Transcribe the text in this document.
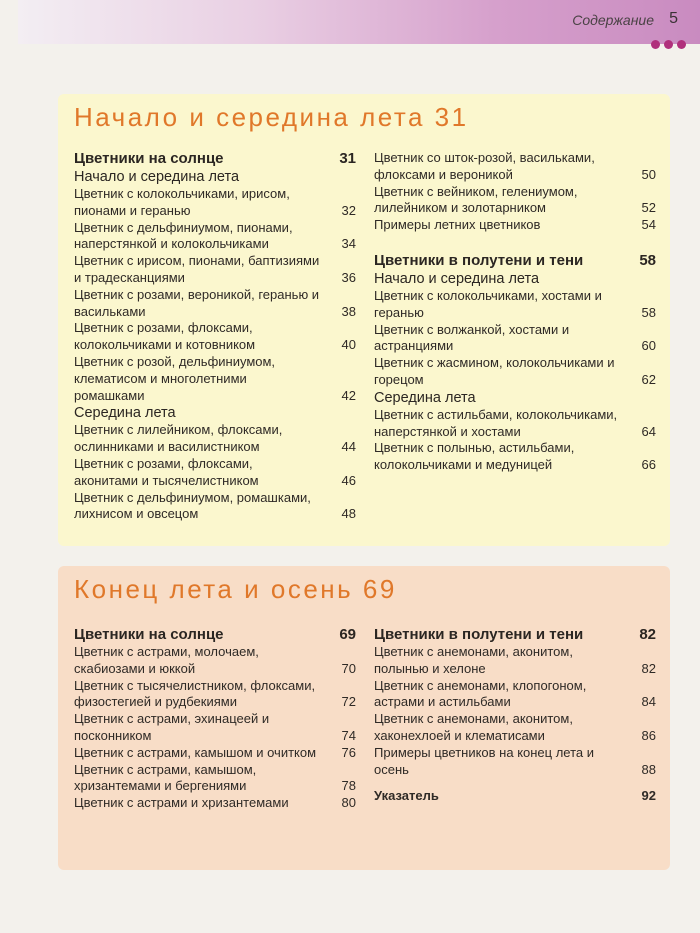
Содержание 5
Начало и середина лета 31
Цветники на солнце	31
Начало и середина лета
Цветник с колокольчиками, ирисом, пионами и геранью	32
Цветник с дельфиниумом, пионами, наперстянкой и колокольчиками	34
Цветник с ирисом, пионами, баптизиями и традесканциями	36
Цветник с розами, вероникой, геранью и васильками	38
Цветник с розами, флоксами, колокольчиками и котовником	40
Цветник с розой, дельфиниумом, клематисом и многолетними ромашками	42
Середина лета
Цветник с лилейником, флоксами, ослинниками и василистником	44
Цветник с розами, флоксами, аконитами и тысячелистником	46
Цветник с дельфиниумом, ромашками, лихнисом и овсецом	48
Цветник со шток-розой, васильками, флоксами и вероникой	50
Цветник с вейником, гелениумом, лилейником и золотарником	52
Примеры летних цветников	54
Цветники в полутени и тени	58
Начало и середина лета
Цветник с колокольчиками, хостами и геранью	58
Цветник с волжанкой, хостами и астранциями	60
Цветник с жасмином, колокольчиками и горецом	62
Середина лета
Цветник с астильбами, колокольчиками, наперстянкой и хостами	64
Цветник с полынью, астильбами, колокольчиками и медуницей	66
Конец лета и осень 69
Цветники на солнце	69
Цветник с астрами, молочаем, скабиозами и юккой	70
Цветник с тысячелистником, флоксами, физостегией и рудбекиями	72
Цветник с астрами, эхинацеей и посконником	74
Цветник с астрами, камышом и очитком	76
Цветник с астрами, камышом, хризантемами и бергениями	78
Цветник с астрами и хризантемами	80
Цветники в полутени и тени	82
Цветник с анемонами, аконитом, полынью и хелоне	82
Цветник с анемонами, клопогоном, астрами и астильбами	84
Цветник с анемонами, аконитом, хаконехлоей и клематисами	86
Примеры цветников на конец лета и осень	88
Указатель	92
